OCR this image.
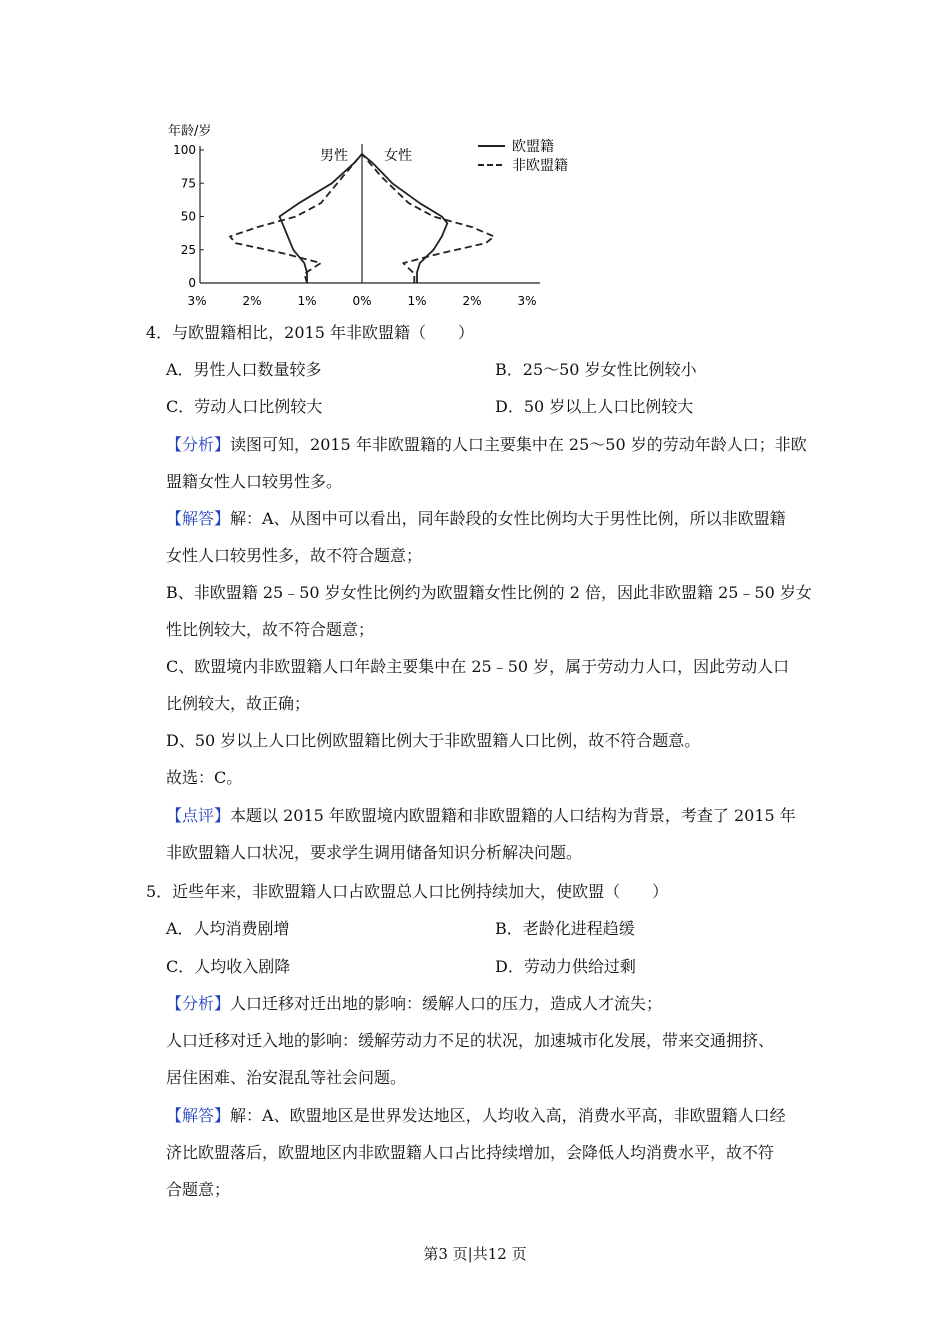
年龄/岁
100
75
50
25
0
3%	2%	1%	0%	1%	2%	3%
男性	女性
欧盟籍
非欧盟籍
4．与欧盟籍相比，2015 年非欧盟籍（　　）
A．男性人口数量较多	B．25～50 岁女性比例较小
C．劳动人口比例较大	D．50 岁以上人口比例较大
【分析】读图可知，2015 年非欧盟籍的人口主要集中在 25～50 岁的劳动年龄人口；非欧
盟籍女性人口较男性多。
【解答】解：A、从图中可以看出，同年龄段的女性比例均大于男性比例，所以非欧盟籍
女性人口较男性多，故不符合题意；
B、非欧盟籍 25﹣50 岁女性比例约为欧盟籍女性比例的 2 倍，因此非欧盟籍 25﹣50 岁女
性比例较大，故不符合题意；
C、欧盟境内非欧盟籍人口年龄主要集中在 25﹣50 岁，属于劳动力人口，因此劳动人口
比例较大，故正确；
D、50 岁以上人口比例欧盟籍比例大于非欧盟籍人口比例，故不符合题意。
故选：C。
【点评】本题以 2015 年欧盟境内欧盟籍和非欧盟籍的人口结构为背景，考查了 2015 年
非欧盟籍人口状况，要求学生调用储备知识分析解决问题。
5．近些年来，非欧盟籍人口占欧盟总人口比例持续加大，使欧盟（　　）
A．人均消费剧增	B．老龄化进程趋缓
C．人均收入剧降	D．劳动力供给过剩
【分析】人口迁移对迁出地的影响：缓解人口的压力，造成人才流失；
人口迁移对迁入地的影响：缓解劳动力不足的状况，加速城市化发展，带来交通拥挤、
居住困难、治安混乱等社会问题。
【解答】解：A、欧盟地区是世界发达地区，人均收入高，消费水平高，非欧盟籍人口经
济比欧盟落后，欧盟地区内非欧盟籍人口占比持续增加，会降低人均消费水平，故不符
合题意；
第3 页|共12 页
